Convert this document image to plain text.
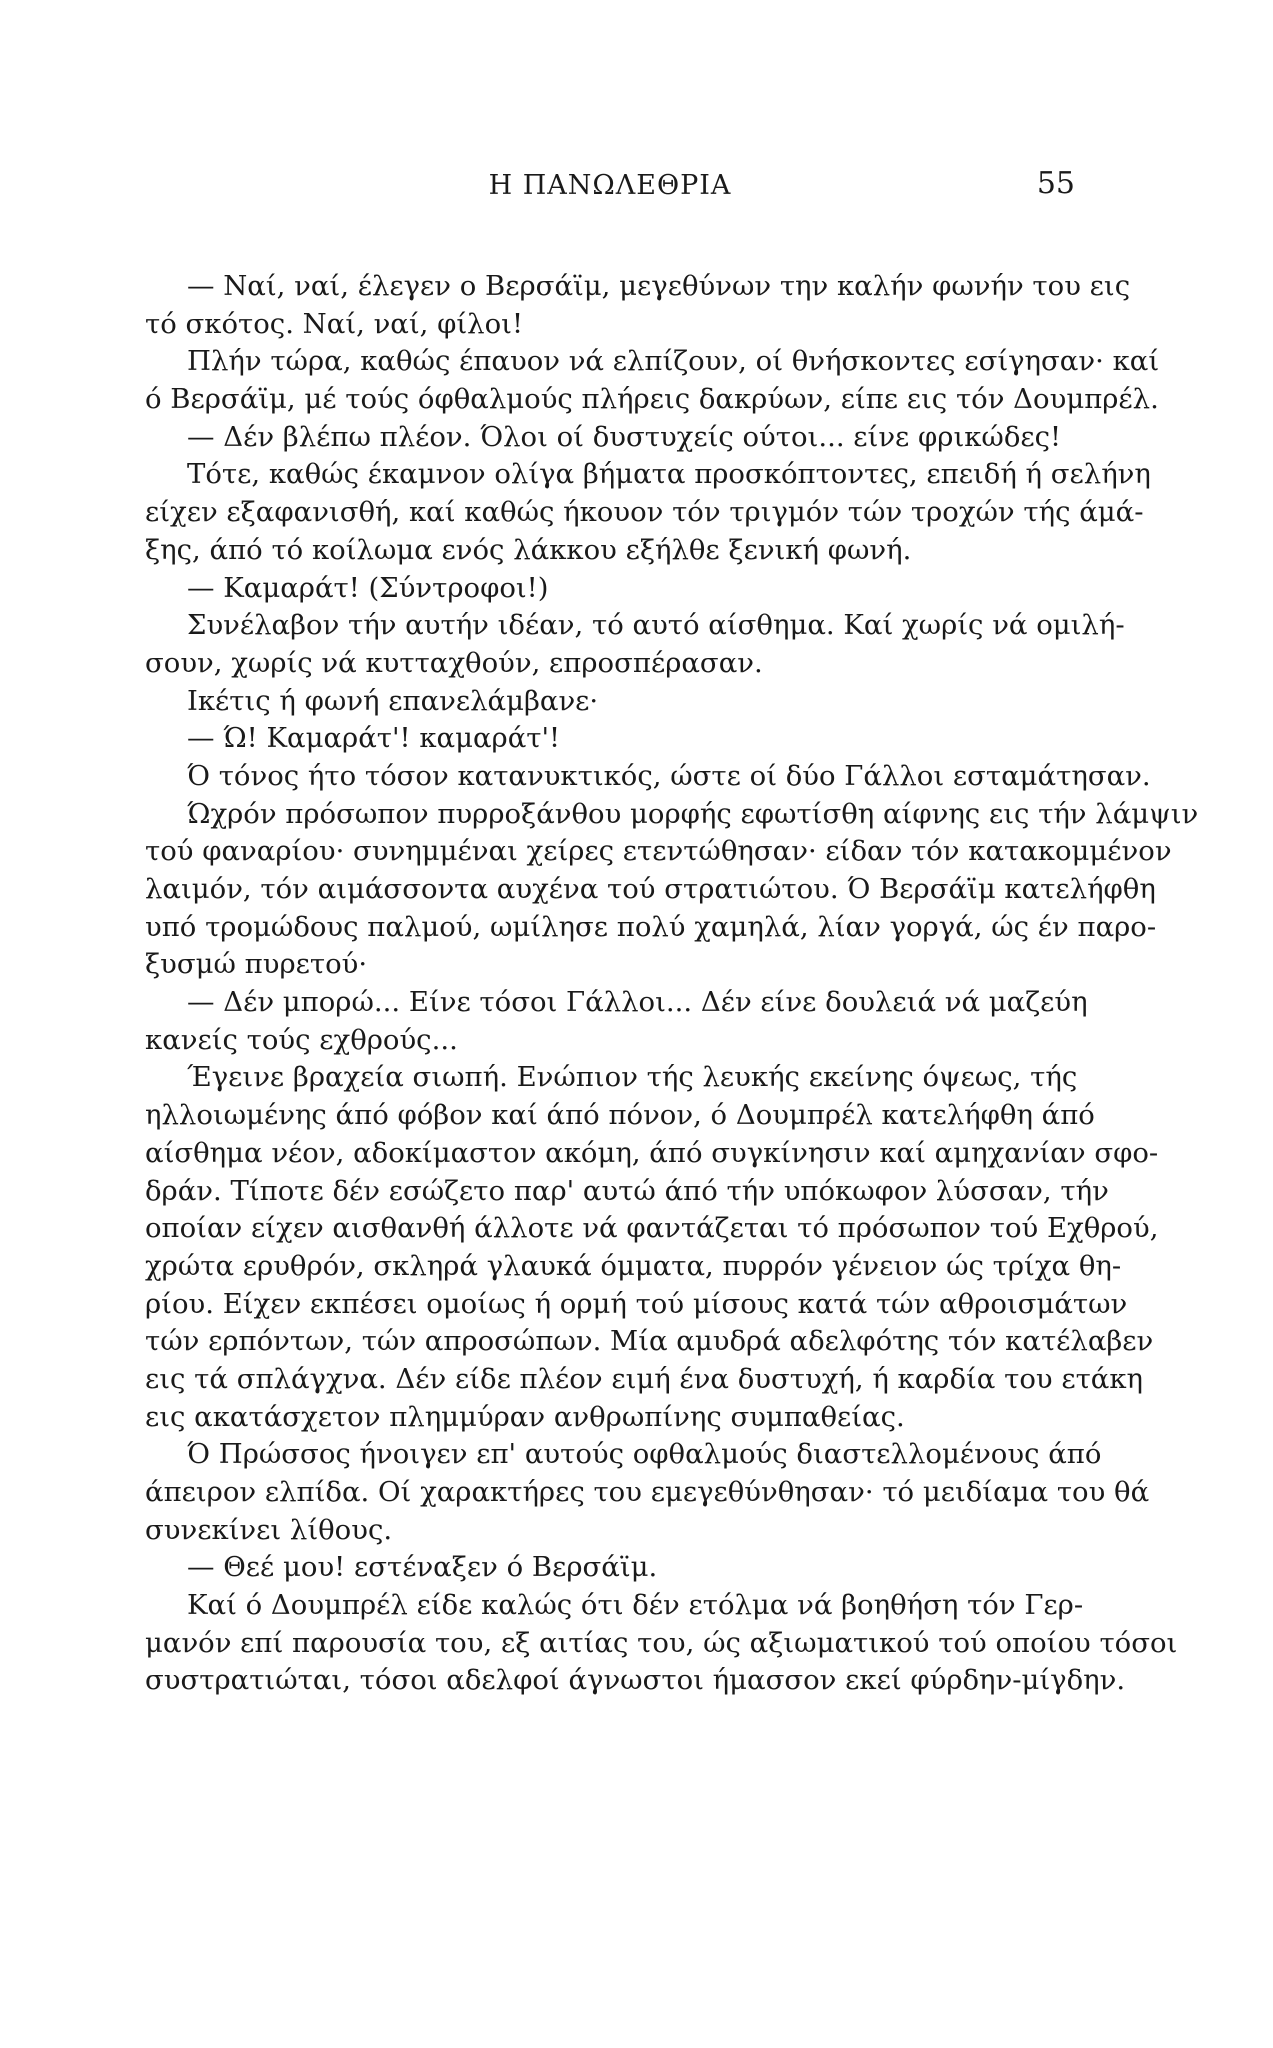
Η ΠΑΝΩΛΕΘΡΙΑ	55
— Ναί, ναί, έλεγεν ο Βερσάϊμ, μεγεθύνων την καλήν φωνήν του εις
τό σκότος. Ναί, ναί, φίλοι!
Πλήν τώρα, καθώς έπαυον νά ελπίζουν, οί θνήσκοντες εσίγησαν· καί
ό Βερσάϊμ, μέ τούς όφθαλμούς πλήρεις δακρύων, είπε εις τόν Δουμπρέλ.
— Δέν βλέπω πλέον. Όλοι οί δυστυχείς ούτοι... είνε φρικώδες!
Τότε, καθώς έκαμνον ολίγα βήματα προσκόπτοντες, επειδή ή σελήνη
είχεν εξαφανισθή, καί καθώς ήκουον τόν τριγμόν τών τροχών τής άμά-
ξης, άπό τό κοίλωμα ενός λάκκου εξήλθε ξενική φωνή.
— Καμαράτ! (Σύντροφοι!)
Συνέλαβον τήν αυτήν ιδέαν, τό αυτό αίσθημα. Καί χωρίς νά ομιλή-
σουν, χωρίς νά κυτταχθούν, επροσπέρασαν.
Ικέτις ή φωνή επανελάμβανε·
— Ώ! Καμαράτ'! καμαράτ'!
Ό τόνος ήτο τόσον κατανυκτικός, ώστε οί δύο Γάλλοι εσταμάτησαν.
Ώχρόν πρόσωπον πυρροξάνθου μορφής εφωτίσθη αίφνης εις τήν λάμψιν
τού φαναρίου· συνημμέναι χείρες ετεντώθησαν· είδαν τόν κατακομμένον
λαιμόν, τόν αιμάσσοντα αυχένα τού στρατιώτου. Ό Βερσάϊμ κατελήφθη
υπό τρομώδους παλμού, ωμίλησε πολύ χαμηλά, λίαν γοργά, ώς έν παρο-
ξυσμώ πυρετού·
— Δέν μπορώ... Είνε τόσοι Γάλλοι... Δέν είνε δουλειά νά μαζεύη
κανείς τούς εχθρούς...
Έγεινε βραχεία σιωπή. Ενώπιον τής λευκής εκείνης όψεως, τής
ηλλοιωμένης άπό φόβον καί άπό πόνον, ό Δουμπρέλ κατελήφθη άπό
αίσθημα νέον, αδοκίμαστον ακόμη, άπό συγκίνησιν καί αμηχανίαν σφο-
δράν. Τίποτε δέν εσώζετο παρ' αυτώ άπό τήν υπόκωφον λύσσαν, τήν
οποίαν είχεν αισθανθή άλλοτε νά φαντάζεται τό πρόσωπον τού Εχθρού,
χρώτα ερυθρόν, σκληρά γλαυκά όμματα, πυρρόν γένειον ώς τρίχα θη-
ρίου. Είχεν εκπέσει ομοίως ή ορμή τού μίσους κατά τών αθροισμάτων
τών ερπόντων, τών απροσώπων. Μία αμυδρά αδελφότης τόν κατέλαβεν
εις τά σπλάγχνα. Δέν είδε πλέον ειμή ένα δυστυχή, ή καρδία του ετάκη
εις ακατάσχετον πλημμύραν ανθρωπίνης συμπαθείας.
Ό Πρώσσος ήνοιγεν επ' αυτούς οφθαλμούς διαστελλομένους άπό
άπειρον ελπίδα. Οί χαρακτήρες του εμεγεθύνθησαν· τό μειδίαμα του θά
συνεκίνει λίθους.
— Θεέ μου! εστέναξεν ό Βερσάϊμ.
Καί ό Δουμπρέλ είδε καλώς ότι δέν ετόλμα νά βοηθήση τόν Γερ-
μανόν επί παρουσία του, εξ αιτίας του, ώς αξιωματικού τού οποίου τόσοι
συστρατιώται, τόσοι αδελφοί άγνωστοι ήμασσον εκεί φύρδην-μίγδην.
